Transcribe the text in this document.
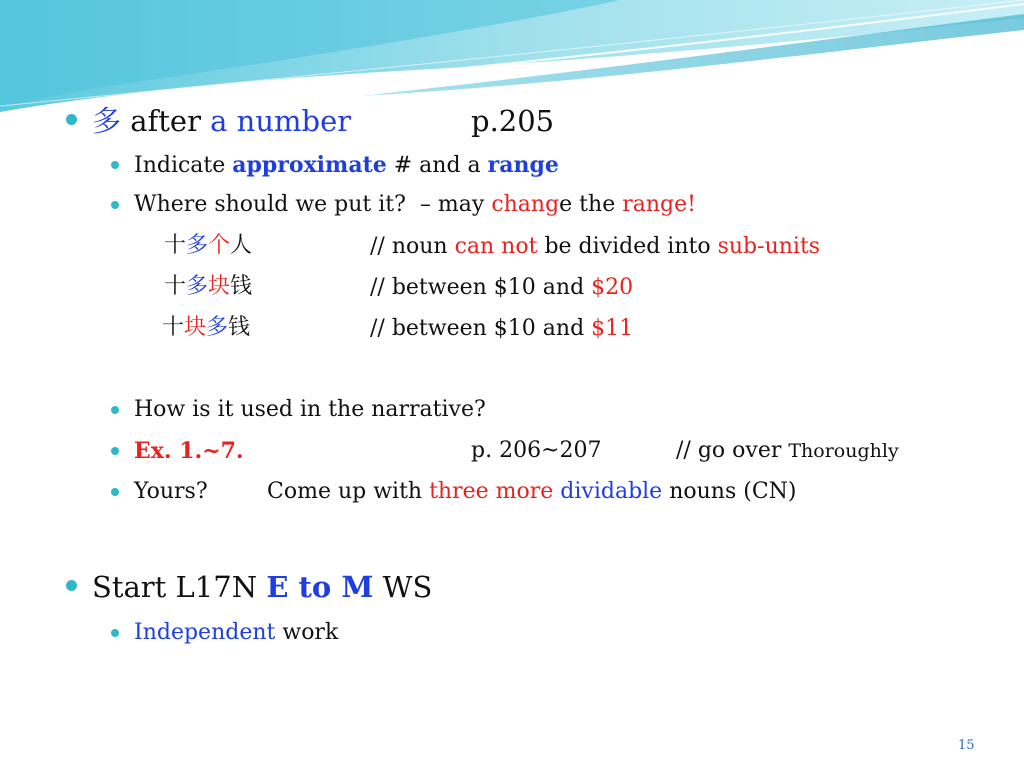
多 after a number	p.205
Indicate approximate # and a range
Where should we put it?  – may change the range!
十多个人	// noun can not be divided into sub-units
十多块钱	// between $10 and $20
十块多钱	// between $10 and $11
How is it used in the narrative?
Ex. 1.~7.	p. 206~207	// go over Thoroughly
Yours?	Come up with three more dividable nouns (CN)
Start L17N E to M WS
Independent work
15
